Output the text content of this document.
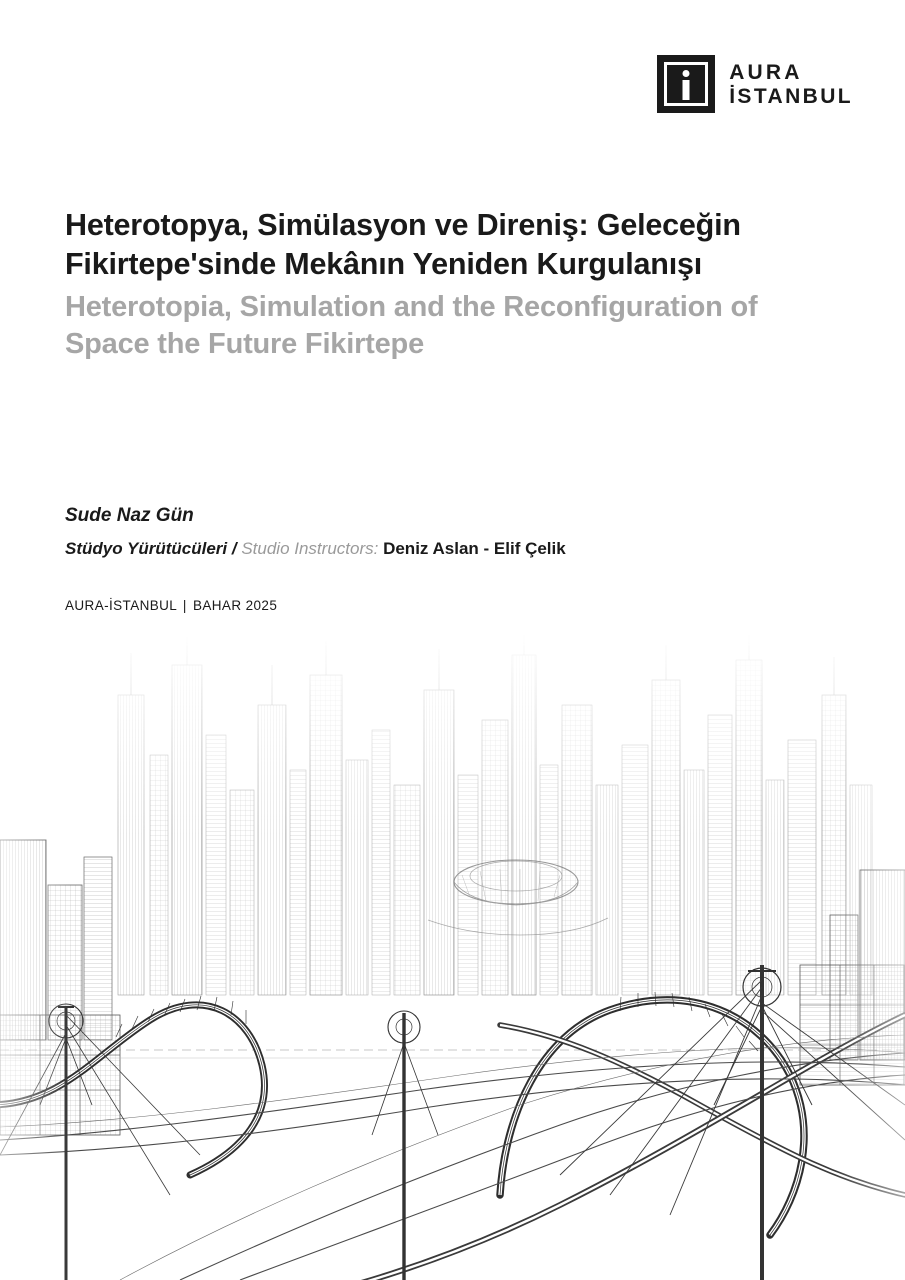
AURA
İSTANBUL
Heterotopya, Simülasyon ve Direniş: Geleceğin Fikirtepe'sinde Mekânın Yeniden Kurgulanışı
Heterotopia, Simulation and the Reconfiguration of Space the Future Fikirtepe

Sude Naz Gün

Stüdyo Yürütücüleri / Studio Instructors: Deniz Aslan - Elif Çelik

AURA-İSTANBUL | BAHAR 2025
